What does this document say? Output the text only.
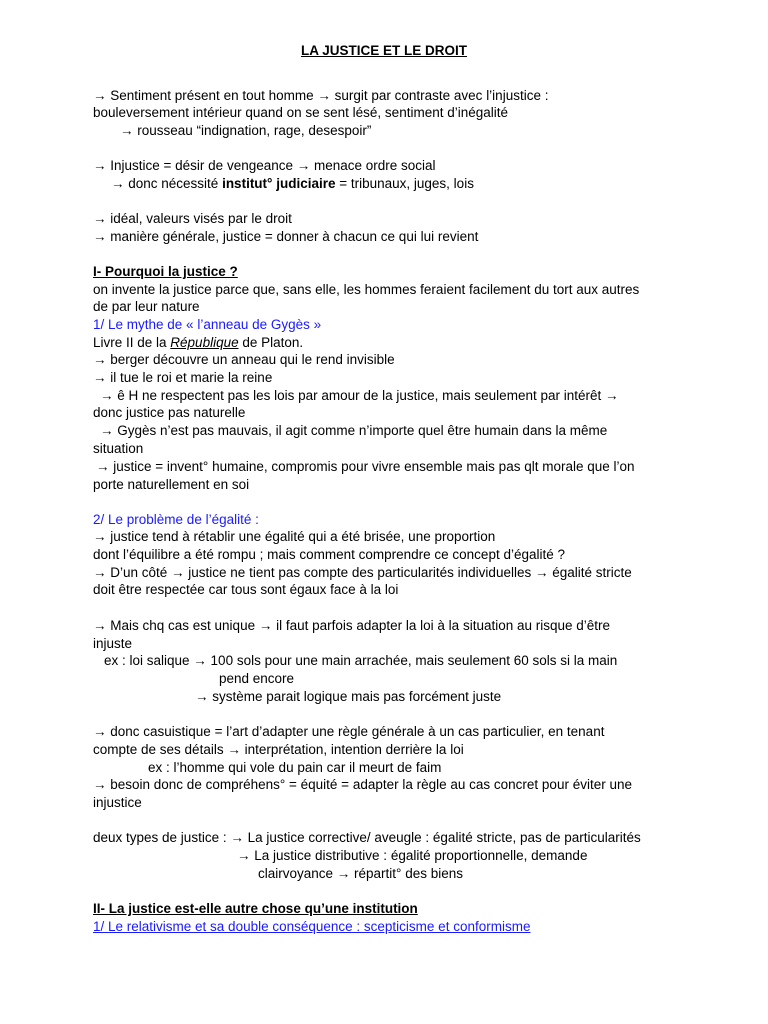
LA JUSTICE ET LE DROIT
→ Sentiment présent en tout homme → surgit par contraste avec l’injustice :
bouleversement intérieur quand on se sent lésé, sentiment d’inégalité
→ rousseau “indignation, rage, desespoir”
→ Injustice = désir de vengeance → menace ordre social
→ donc nécessité institut° judiciaire = tribunaux, juges, lois
→ idéal, valeurs visés par le droit
→ manière générale, justice = donner à chacun ce qui lui revient
I- Pourquoi la justice ?
on invente la justice parce que, sans elle, les hommes feraient facilement du tort aux autres
de par leur nature
1/ Le mythe de « l’anneau de Gygès »
Livre II de la République de Platon.
→ berger découvre un anneau qui le rend invisible
→ il tue le roi et marie la reine
→ ê H ne respectent pas les lois par amour de la justice, mais seulement par intérêt →
donc justice pas naturelle
→ Gygès n’est pas mauvais, il agit comme n’importe quel être humain dans la même
situation
→ justice = invent° humaine, compromis pour vivre ensemble mais pas qlt morale que l’on
porte naturellement en soi
2/ Le problème de l’égalité :
→ justice tend à rétablir une égalité qui a été brisée, une proportion
dont l’équilibre a été rompu ; mais comment comprendre ce concept d’égalité ?
→ D’un côté → justice ne tient pas compte des particularités individuelles → égalité stricte
doit être respectée car tous sont égaux face à la loi
→ Mais chq cas est unique → il faut parfois adapter la loi à la situation au risque d’être
injuste
ex : loi salique → 100 sols pour une main arrachée, mais seulement 60 sols si la main
pend encore
→ système parait logique mais pas forcément juste
→ donc casuistique = l’art d’adapter une règle générale à un cas particulier, en tenant
compte de ses détails → interprétation, intention derrière la loi
ex : l’homme qui vole du pain car il meurt de faim
→ besoin donc de compréhens° = équité = adapter la règle au cas concret pour éviter une
injustice
deux types de justice : → La justice corrective/ aveugle : égalité stricte, pas de particularités
→ La justice distributive : égalité proportionnelle, demande
clairvoyance → répartit° des biens
II- La justice est-elle autre chose qu’une institution
1/ Le relativisme et sa double conséquence : scepticisme et conformisme
